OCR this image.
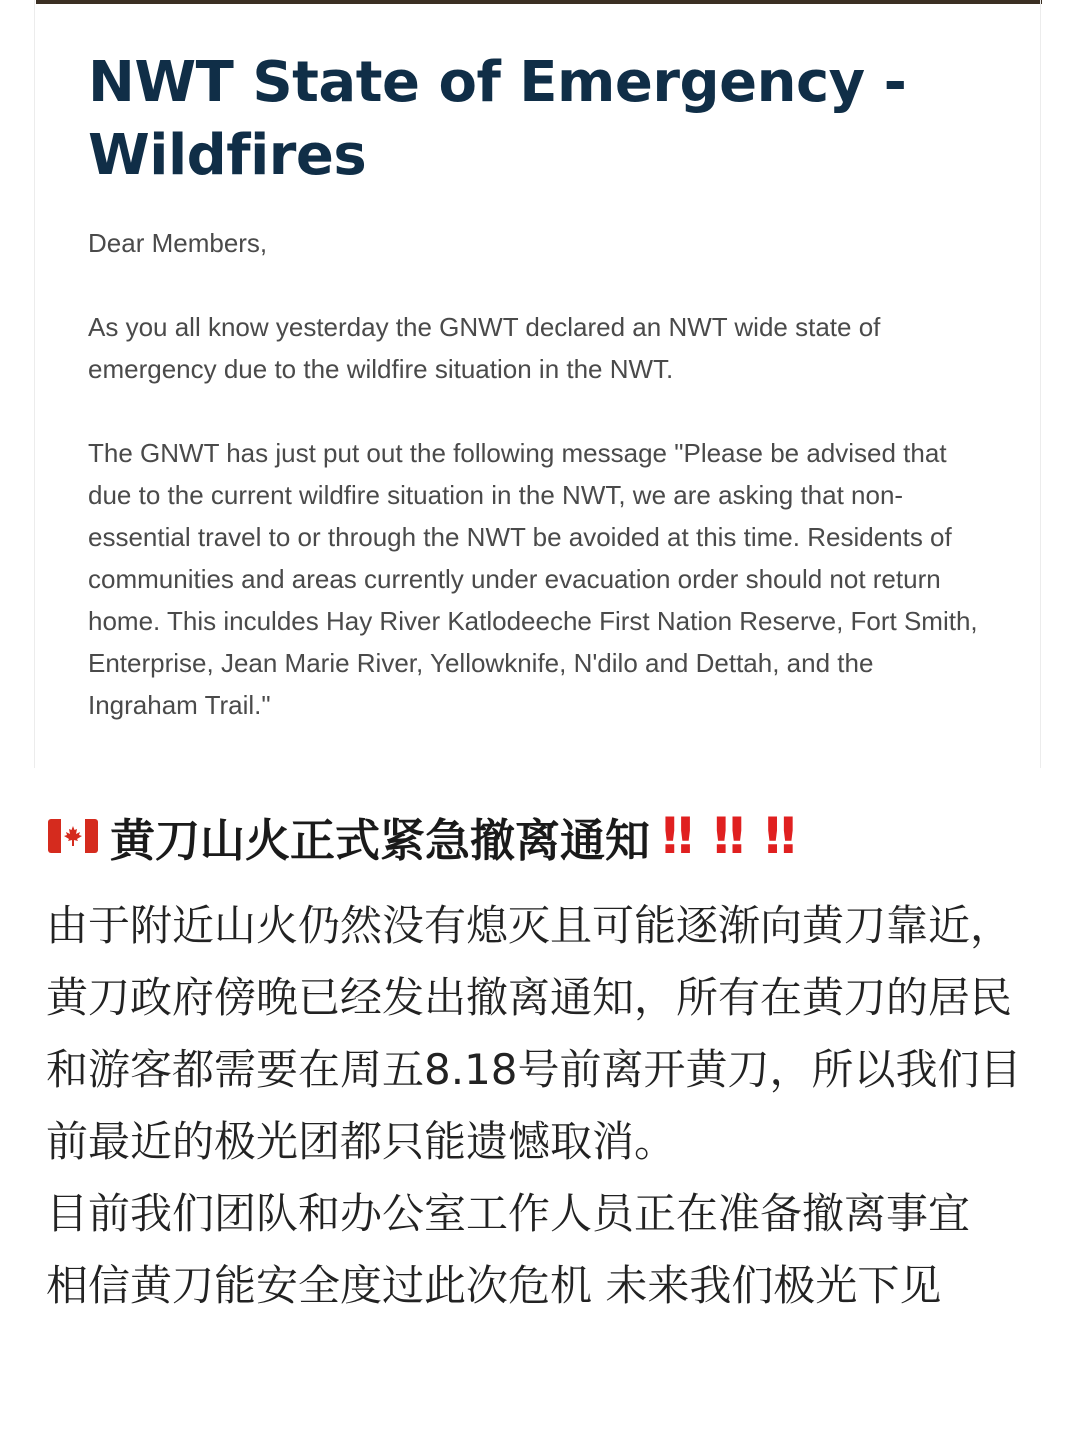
NWT State of Emergency - Wildfires

Dear Members,

As you all know yesterday the GNWT declared an NWT wide state of emergency due to the wildfire situation in the NWT.

The GNWT has just put out the following message "Please be advised that due to the current wildfire situation in the NWT, we are asking that non-essential travel to or through the NWT be avoided at this time. Residents of communities and areas currently under evacuation order should not return home. This inculdes Hay River Katlodeeche First Nation Reserve, Fort Smith, Enterprise, Jean Marie River, Yellowknife, N'dilo and Dettah, and the Ingraham Trail."

黄刀山火正式紧急撤离通知 ‼ ‼ ‼

由于附近山火仍然没有熄灭且可能逐渐向黄刀靠近，黄刀政府傍晚已经发出撤离通知，所有在黄刀的居民和游客都需要在周五8.18号前离开黄刀，所以我们目前最近的极光团都只能遗憾取消。

目前我们团队和办公室工作人员正在准备撤离事宜

相信黄刀能安全度过此次危机 未来我们极光下见
